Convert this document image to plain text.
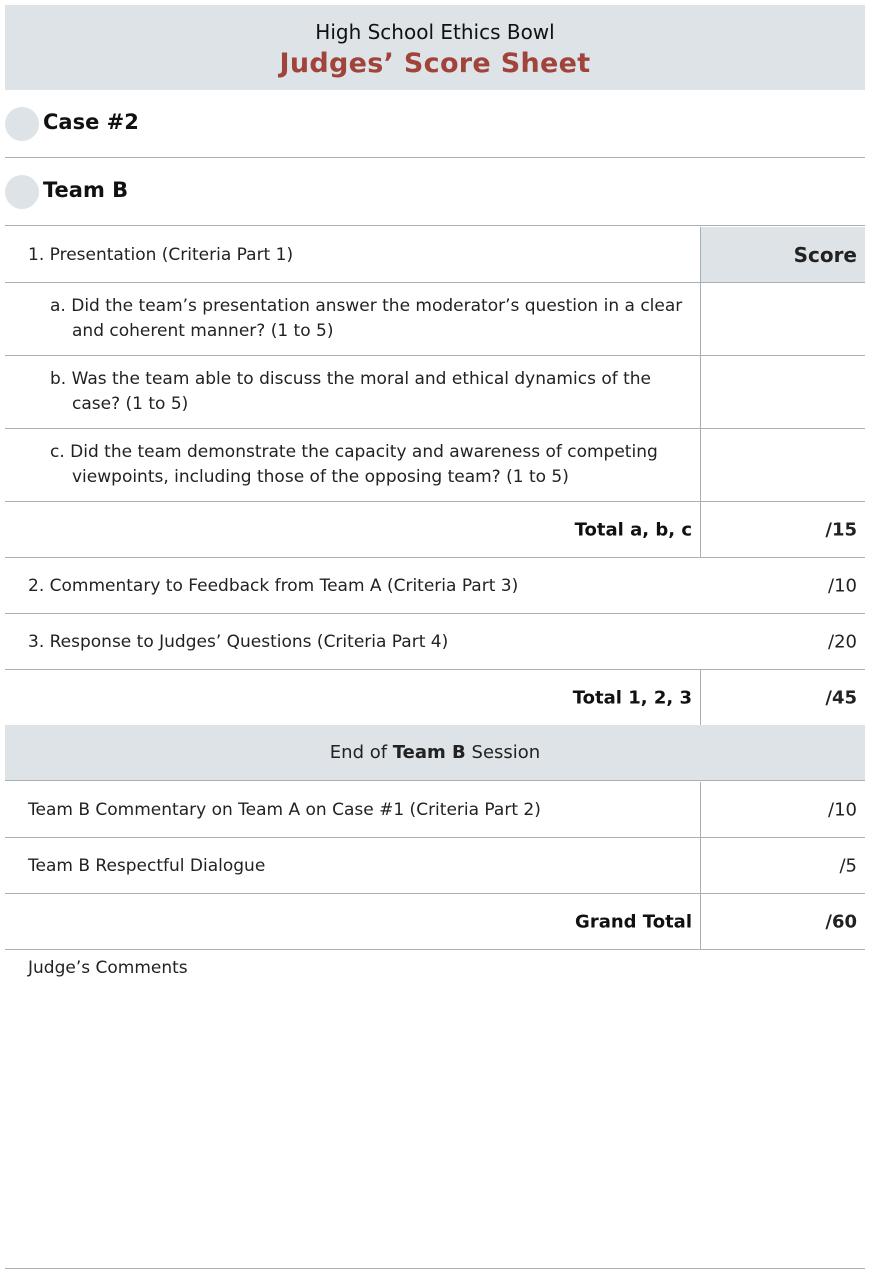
High School Ethics Bowl
Judges’ Score Sheet
Case #2
Team B
1. Presentation (Criteria Part 1)	Score
a. Did the team’s presentation answer the moderator’s question in a clear and coherent manner? (1 to 5)
b. Was the team able to discuss the moral and ethical dynamics of the case? (1 to 5)
c. Did the team demonstrate the capacity and awareness of competing viewpoints, including those of the opposing team? (1 to 5)
Total a, b, c	/15
2. Commentary to Feedback from Team A (Criteria Part 3)	/10
3. Response to Judges’ Questions (Criteria Part 4)	/20
Total 1, 2, 3	/45
End of Team B Session
Team B Commentary on Team A on Case #1 (Criteria Part 2)	/10
Team B Respectful Dialogue	/5
Grand Total	/60
Judge’s Comments
